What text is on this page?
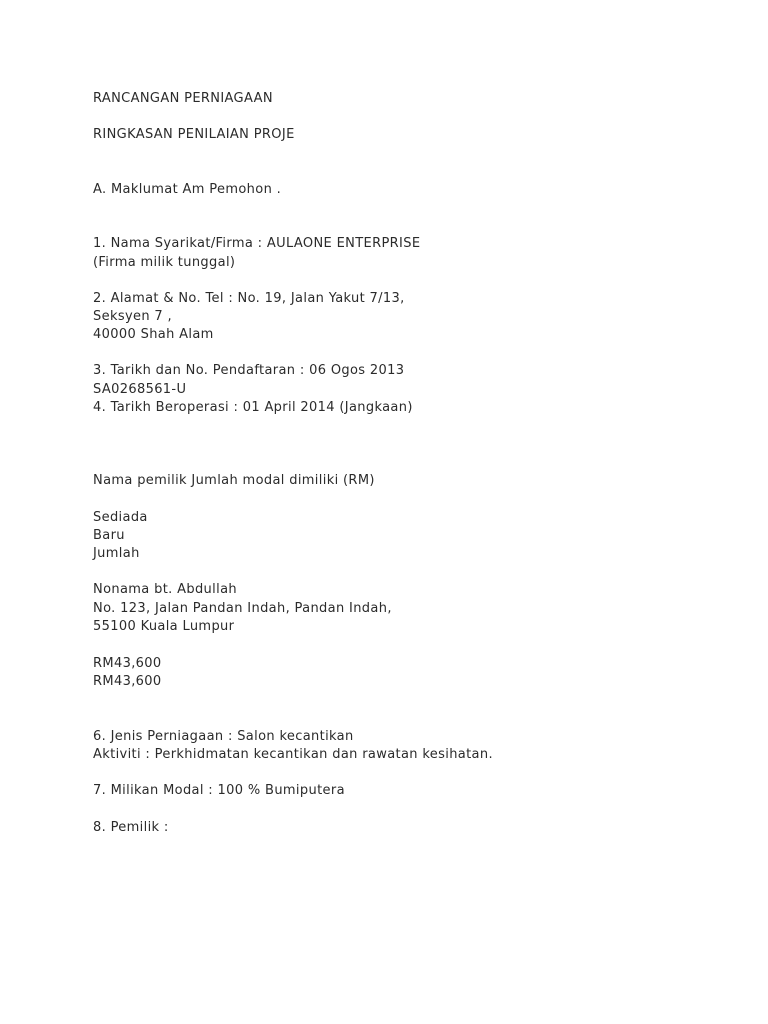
RANCANGAN PERNIAGAAN
RINGKASAN PENILAIAN PROJE
A. Maklumat Am Pemohon .
1. Nama Syarikat/Firma : AULAONE ENTERPRISE
(Firma milik tunggal)
2. Alamat & No. Tel : No. 19, Jalan Yakut 7/13,
Seksyen 7 ,
40000 Shah Alam
3. Tarikh dan No. Pendaftaran : 06 Ogos 2013
SA0268561-U
4. Tarikh Beroperasi : 01 April 2014 (Jangkaan)
Nama pemilik Jumlah modal dimiliki (RM)
Sediada
Baru
Jumlah
Nonama bt. Abdullah
No. 123, Jalan Pandan Indah, Pandan Indah,
55100 Kuala Lumpur
RM43,600
RM43,600
6. Jenis Perniagaan : Salon kecantikan
Aktiviti : Perkhidmatan kecantikan dan rawatan kesihatan.
7. Milikan Modal : 100 % Bumiputera
8. Pemilik :
